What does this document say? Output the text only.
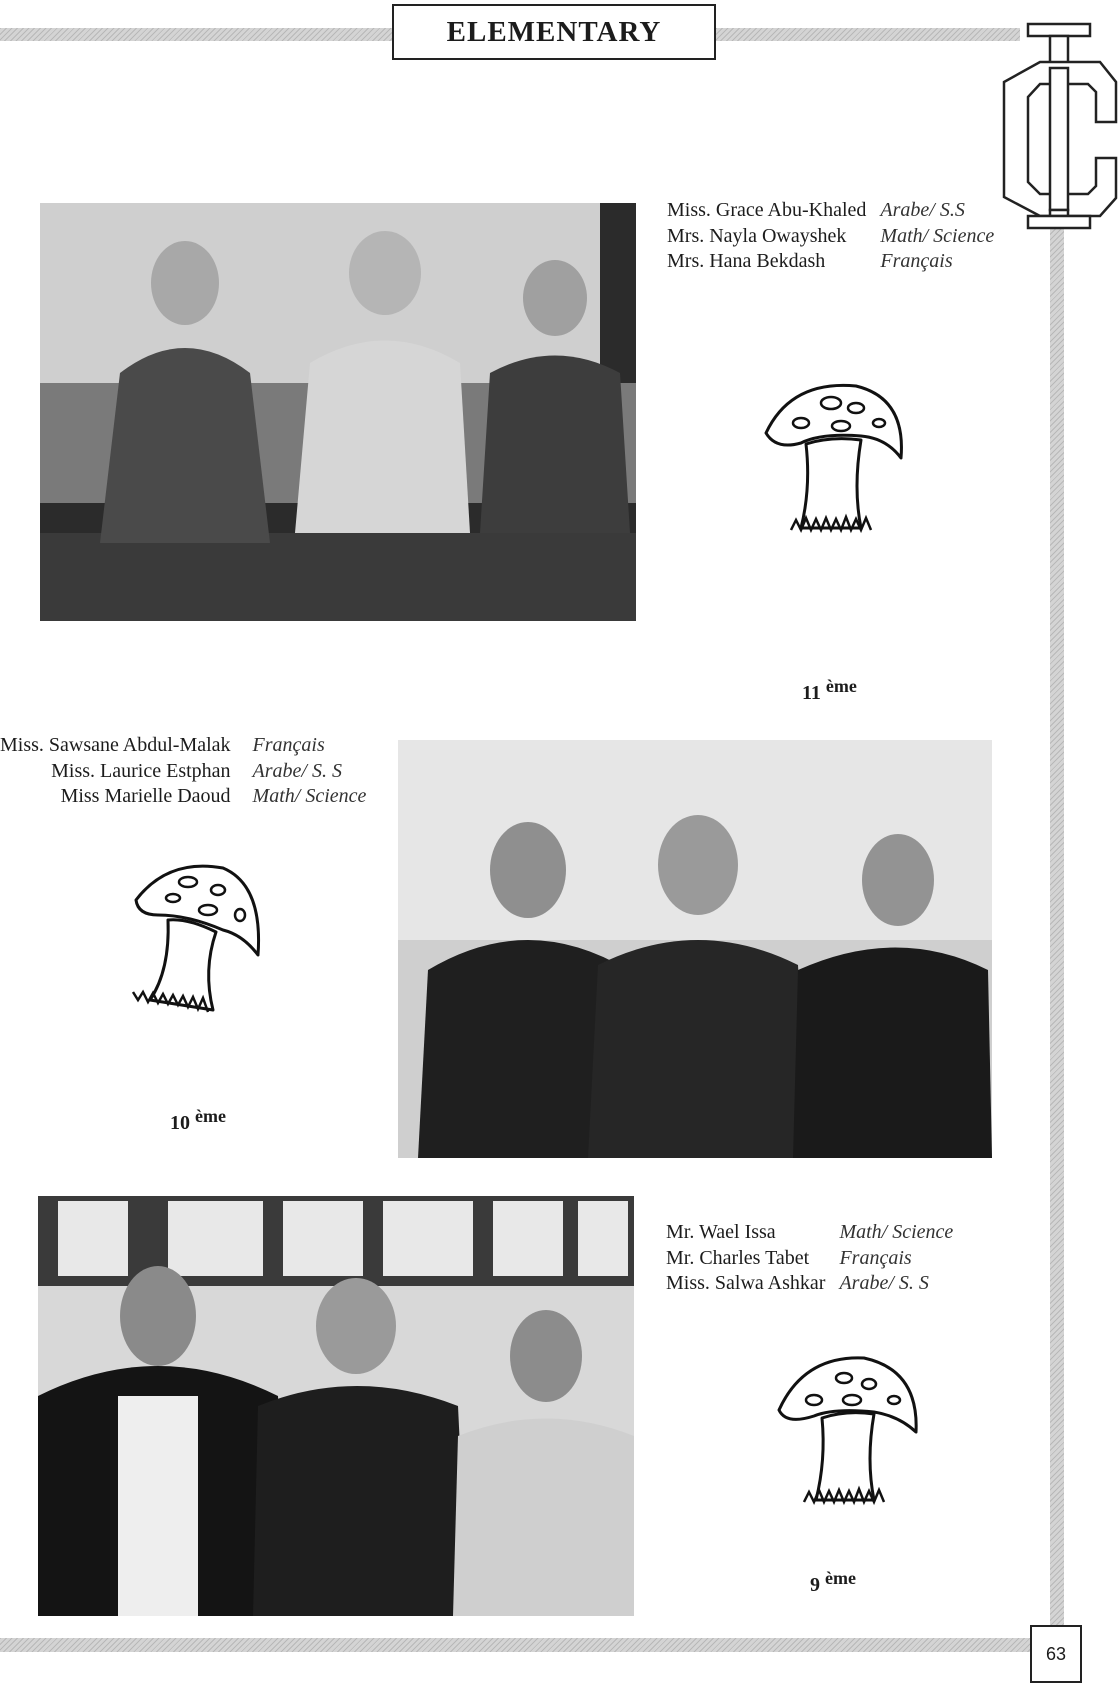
ELEMENTARY
Miss. Grace Abu-Khaled	Arabe/ S.S
Mrs. Nayla Owayshek	Math/ Science
Mrs. Hana Bekdash	Français
11 ème
Miss. Sawsane Abdul-Malak	Français
Miss. Laurice Estphan	Arabe/ S. S
Miss Marielle Daoud	Math/ Science
10 ème
Mr. Wael Issa	Math/ Science
Mr. Charles Tabet	Français
Miss. Salwa Ashkar	Arabe/ S. S
9 ème
63
